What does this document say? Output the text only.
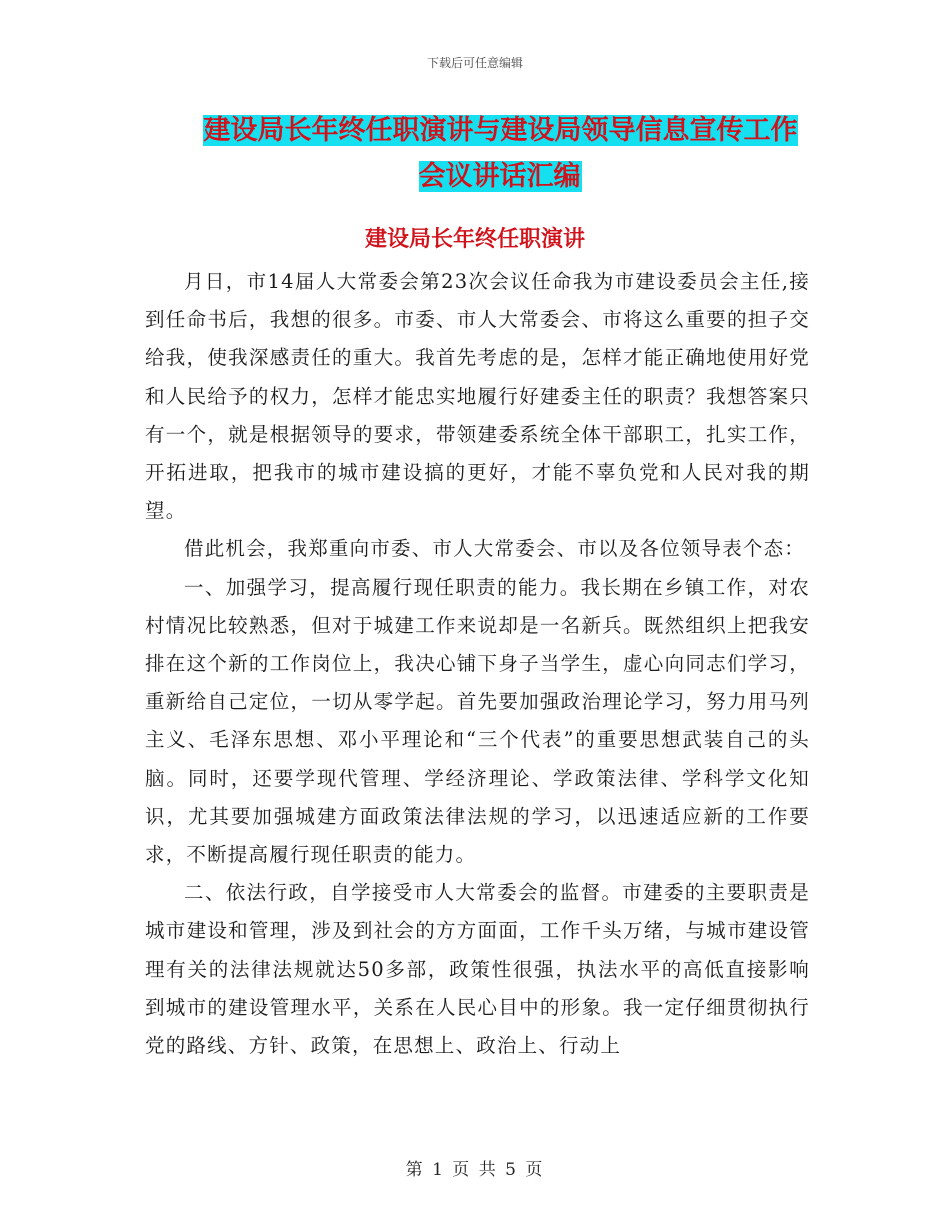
下载后可任意编辑
建设局长年终任职演讲与建设局领导信息宣传工作会议讲话汇编
建设局长年终任职演讲

月日，市14届人大常委会第23次会议任命我为市建设委员会主任,接到任命书后，我想的很多。市委、市人大常委会、市将这么重要的担子交给我，使我深感责任的重大。我首先考虑的是，怎样才能正确地使用好党和人民给予的权力，怎样才能忠实地履行好建委主任的职责？我想答案只有一个，就是根据领导的要求，带领建委系统全体干部职工，扎实工作，开拓进取，把我市的城市建设搞的更好，才能不辜负党和人民对我的期望。

借此机会，我郑重向市委、市人大常委会、市以及各位领导表个态：

一、加强学习，提高履行现任职责的能力。我长期在乡镇工作，对农村情况比较熟悉，但对于城建工作来说却是一名新兵。既然组织上把我安排在这个新的工作岗位上，我决心铺下身子当学生，虚心向同志们学习，重新给自己定位，一切从零学起。首先要加强政治理论学习，努力用马列主义、毛泽东思想、邓小平理论和“三个代表”的重要思想武装自己的头脑。同时，还要学现代管理、学经济理论、学政策法律、学科学文化知识，尤其要加强城建方面政策法律法规的学习，以迅速适应新的工作要求，不断提高履行现任职责的能力。

二、依法行政，自学接受市人大常委会的监督。市建委的主要职责是城市建设和管理，涉及到社会的方方面面，工作千头万绪，与城市建设管理有关的法律法规就达50多部，政策性很强，执法水平的高低直接影响到城市的建设管理水平，关系在人民心目中的形象。我一定仔细贯彻执行党的路线、方针、政策，在思想上、政治上、行动上

第 1 页 共 5 页
